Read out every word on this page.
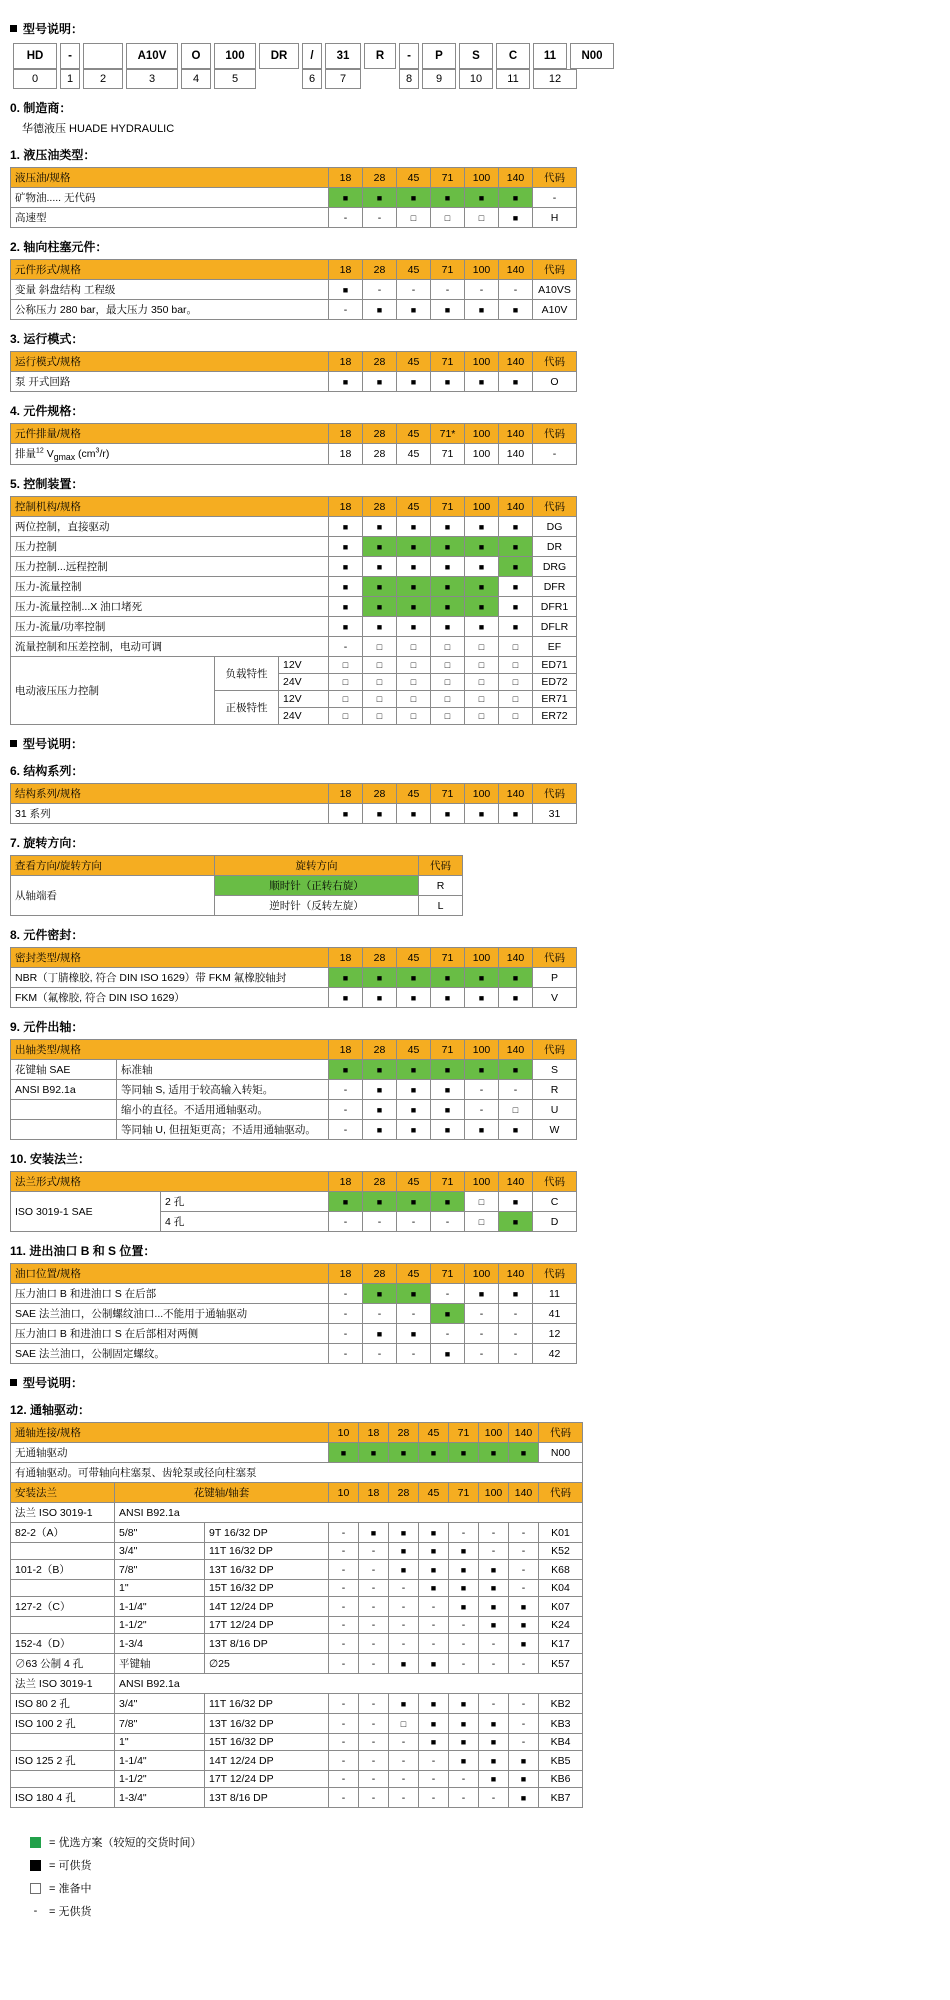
型号说明：
HD	-		A10V	O	100	DR	/	31	R	-	P	S	C	11	N00
0	1	2	3	4	5		6	7		8	9	10	11	12
0. 制造商：
华德液压 HUADE HYDRAULIC
1. 液压油类型：
液压油/规格	18	28	45	71	100	140	代码
矿物油..... 无代码	■	■	■	■	■	■	-
高速型	-	-	□	□	□	■	H
2. 轴向柱塞元件：
元件形式/规格	18	28	45	71	100	140	代码
变量 斜盘结构 工程级	■	-	-	-	-	-	A10VS
公称压力 280 bar，最大压力 350 bar。	-	■	■	■	■	■	A10V
3. 运行模式：
运行模式/规格	18	28	45	71	100	140	代码
泵 开式回路	■	■	■	■	■	■	O
4. 元件规格：
元件排量/规格	18	28	45	71*	100	140	代码
排量$^{12}$ $V_{gmax}$ $(cm^3/r)$	18	28	45	71	100	140	-
5. 控制装置：
控制机构/规格			18	28	45	71	100	140	代码
两位控制，直接驱动			■	■	■	■	■	■	DG
压力控制			■	■	■	■	■	■	DR
压力控制...远程控制			■	■	■	■	■	■	DRG
压力-流量控制			■	■	■	■	■	■	DFR
压力-流量控制...X 油口堵死			■	■	■	■	■	■	DFR1
压力-流量/功率控制			■	■	■	■	■	■	DFLR
流量控制和压差控制，电动可调			-	□	□	□	□	□	EF
电动液压压力控制	负载特性	12V	□	□	□	□	□	□	ED71
		24V	□	□	□	□	□	□	ED72
	正极特性	12V	□	□	□	□	□	□	ER71
		24V	□	□	□	□	□	□	ER72
型号说明：
6. 结构系列：
结构系列/规格	18	28	45	71	100	140	代码
31 系列	■	■	■	■	■	■	31
7. 旋转方向：
查看方向/旋转方向	旋转方向	代码
从轴端看	顺时针（正转右旋）	R
	逆时针（反转左旋）	L
8. 元件密封：
密封类型/规格	18	28	45	71	100	140	代码
NBR（丁腈橡胶, 符合 DIN ISO 1629）带 FKM 氟橡胶轴封	■	■	■	■	■	■	P
FKM（氟橡胶, 符合 DIN ISO 1629）	■	■	■	■	■	■	V
9. 元件出轴：
出轴类型/规格		18	28	45	71	100	140	代码
花键轴 SAE	标准轴	■	■	■	■	■	■	S
ANSI B92.1a	等同轴 S, 适用于较高输入转矩。	-	■	■	■	-	-	R
	缩小的直径。不适用通轴驱动。	-	■	■	■	-	□	U
	等同轴 U, 但扭矩更高；不适用通轴驱动。	-	■	■	■	■	■	W
10. 安装法兰：
法兰形式/规格		18	28	45	71	100	140	代码
ISO 3019-1 SAE	2 孔	■	■	■	■	□	■	C
	4 孔	-	-	-	-	□	■	D
11. 进出油口 B 和 S 位置：
油口位置/规格	18	28	45	71	100	140	代码
压力油口 B 和进油口 S 在后部	-	■	■	-	■	■	11
SAE 法兰油口，公制螺纹油口...不能用于通轴驱动	-	-	-	■	-	-	41
压力油口 B 和进油口 S 在后部相对两侧	-	■	■	-	-	-	12
SAE 法兰油口，公制固定螺纹。	-	-	-	■	-	-	42
型号说明：
12. 通轴驱动：
通轴连接/规格			10	18	28	45	71	100	140	代码
无通轴驱动			■	■	■	■	■	■	■	N00
有通轴驱动。可带轴向柱塞泵、齿轮泵或径向柱塞泵										
安装法兰	花键轴/轴套		10	18	28	45	71	100	140	代码
法兰 ISO 3019-1	ANSI B92.1a									
82-2（A）	5/8"	9T 16/32 DP	-	■	■	■	-	-	-	K01
	3/4"	11T 16/32 DP	-	-	■	■	■	-	-	K52
101-2（B）	7/8"	13T 16/32 DP	-	-	■	■	■	■	-	K68
	1"	15T 16/32 DP	-	-	-	■	■	■	-	K04
127-2（C）	1-1/4"	14T 12/24 DP	-	-	-	-	■	■	■	K07
	1-1/2"	17T 12/24 DP	-	-	-	-	-	■	■	K24
152-4（D）	1-3/4	13T 8/16 DP	-	-	-	-	-	-	■	K17
∅63 公制 4 孔	平键轴	∅25	-	-	■	■	-	-	-	K57
法兰 ISO 3019-1	ANSI B92.1a									
ISO 80 2 孔	3/4"	11T 16/32 DP	-	-	■	■	■	-	-	KB2
ISO 100 2 孔	7/8"	13T 16/32 DP	-	-	□	■	■	■	-	KB3
	1"	15T 16/32 DP	-	-	-	■	■	■	-	KB4
ISO 125 2 孔	1-1/4"	14T 12/24 DP	-	-	-	-	■	■	■	KB5
	1-1/2"	17T 12/24 DP	-	-	-	-	-	■	■	KB6
ISO 180 4 孔	1-3/4"	13T 8/16 DP	-	-	-	-	-	-	■	KB7
= 优选方案（较短的交货时间）
= 可供货
= 准备中
-	= 无供货
